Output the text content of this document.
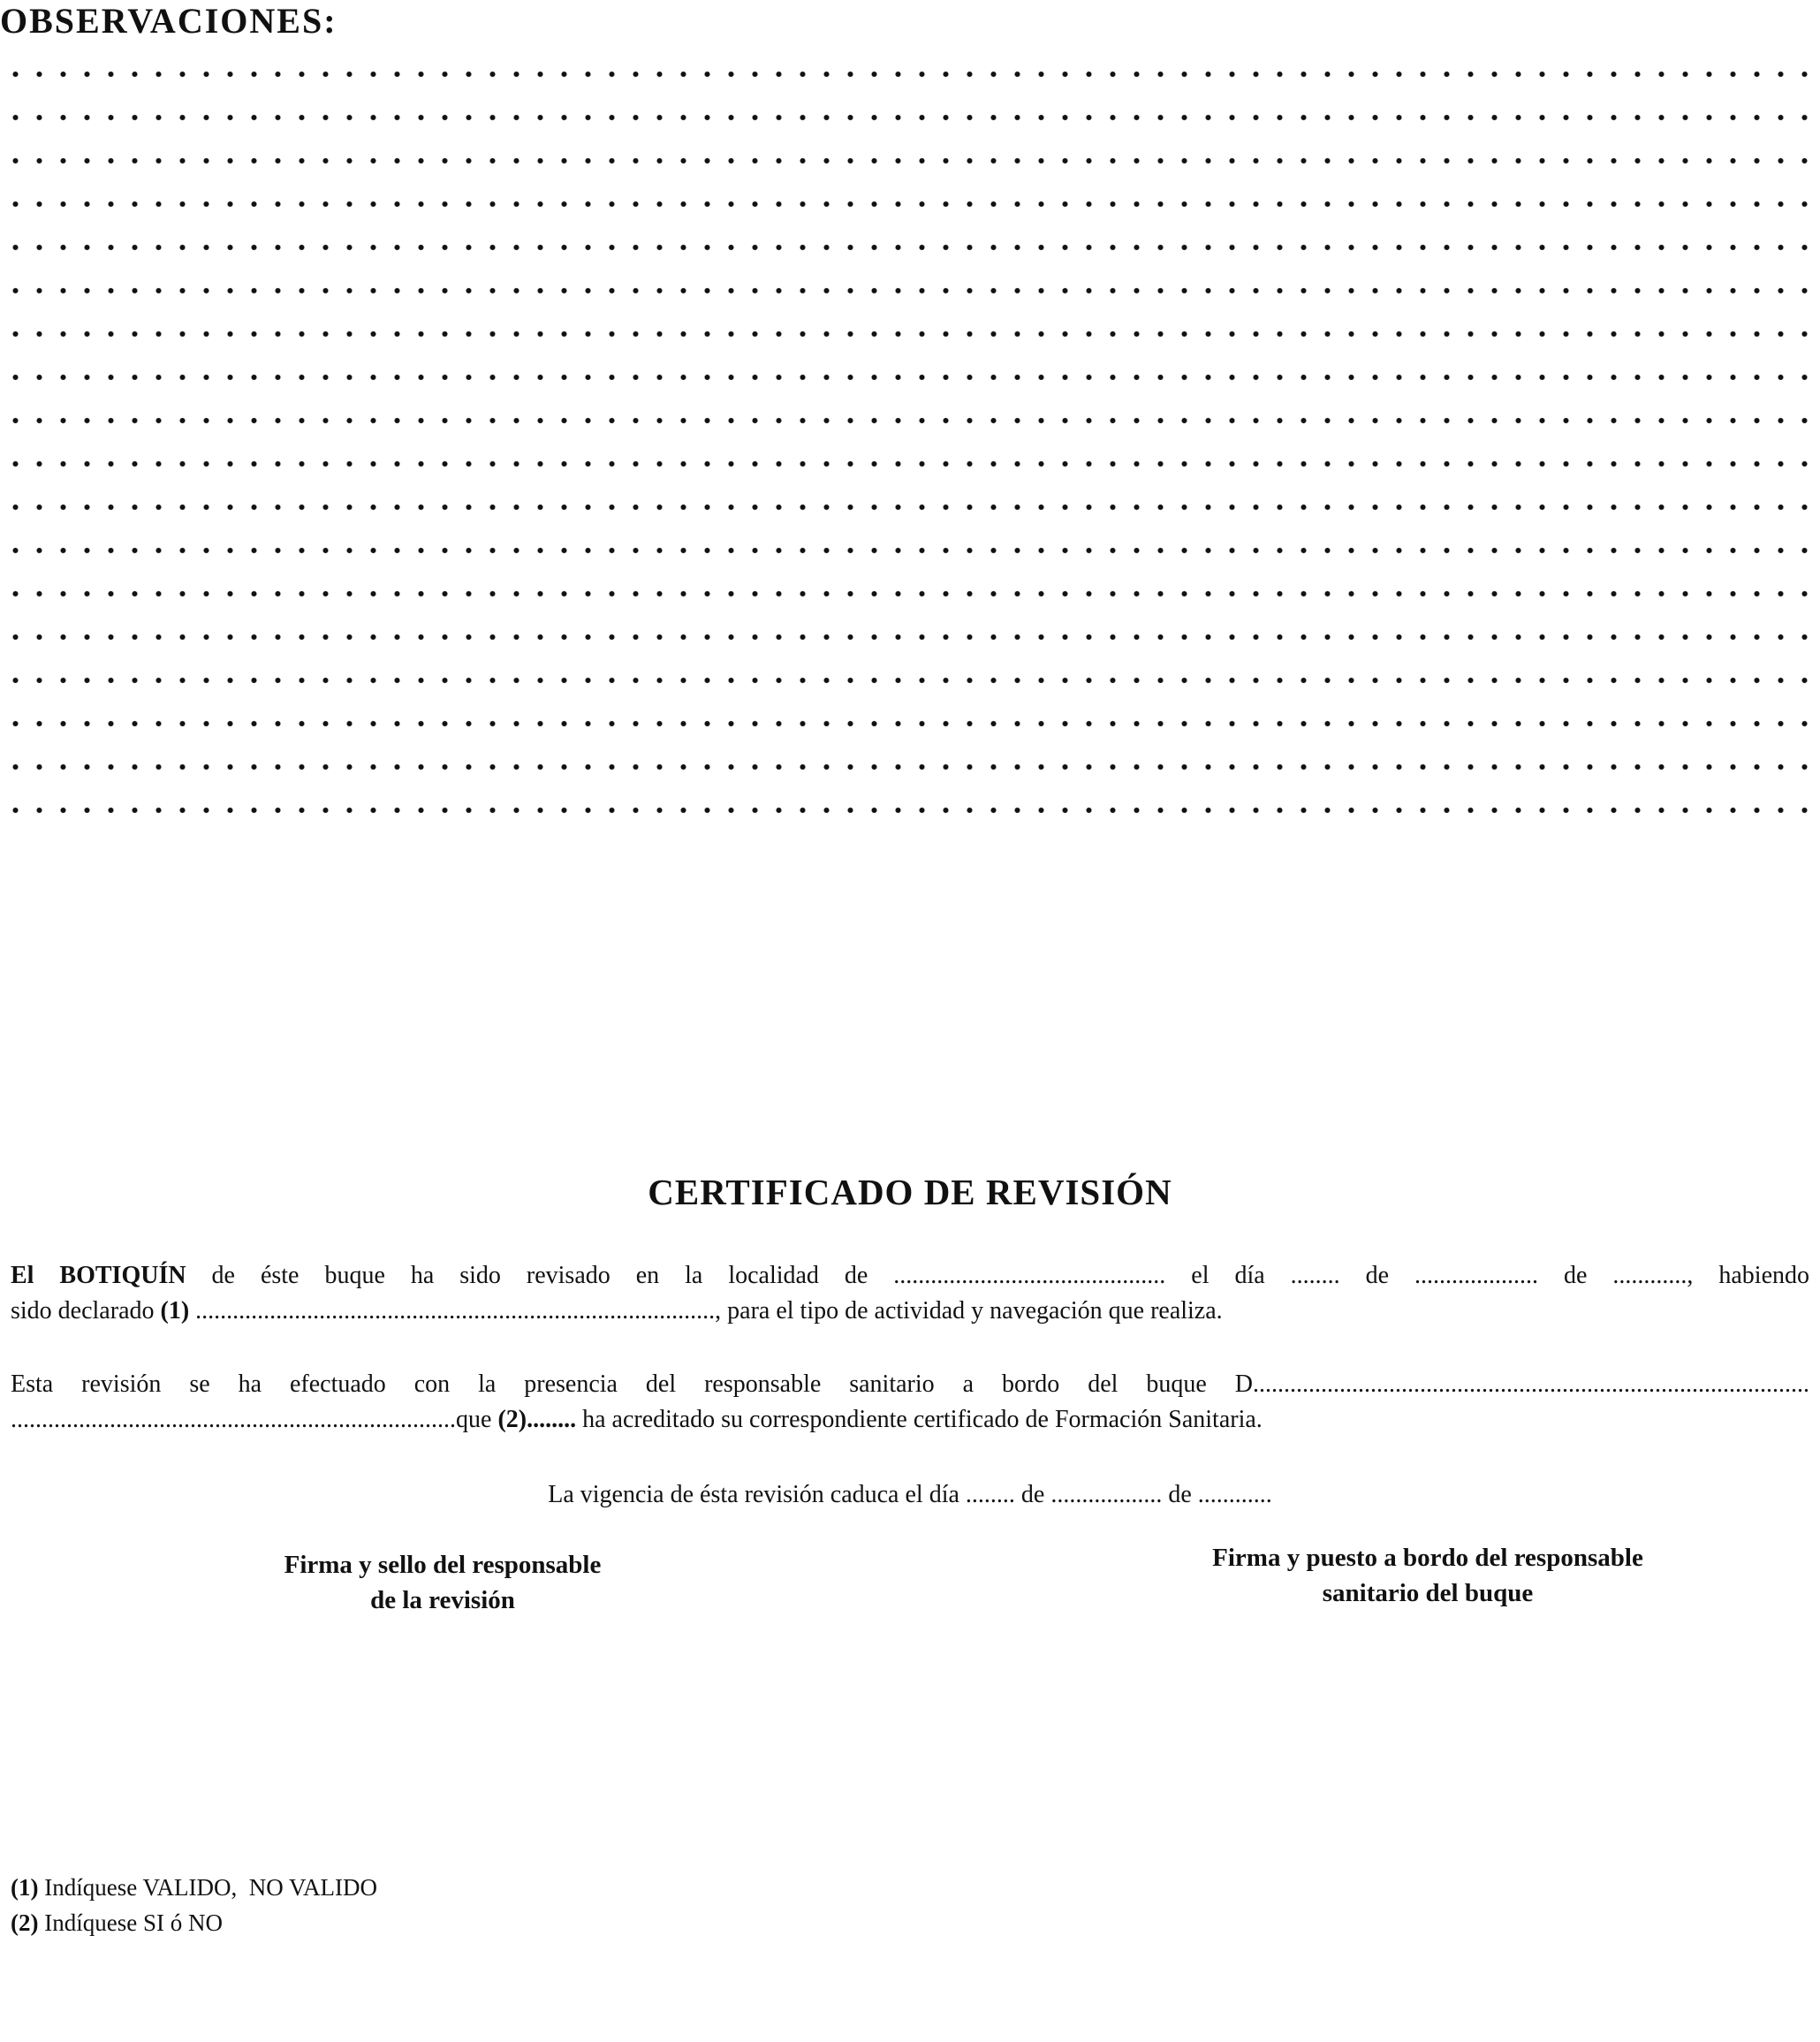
OBSERVACIONES:
CERTIFICADO DE REVISIÓN

El BOTIQUÍN de éste buque ha sido revisado en la localidad de ............................................ el día ........ de .................... de ............, habiendo

sido declarado (1) ...................................................................................., para el tipo de actividad y navegación que realiza.

Esta revisión se ha efectuado con la presencia del responsable sanitario a bordo del buque D..........................................................................................

........................................................................que (2)........ ha acreditado su correspondiente certificado de Formación Sanitaria.

La vigencia de ésta revisión caduca el día ........ de .................. de ............
Firma y sello del responsable
de la revisión
Firma y puesto a bordo del responsable
sanitario del buque
(1) Indíquese VALIDO,  NO VALIDO
(2) Indíquese SI ó NO
